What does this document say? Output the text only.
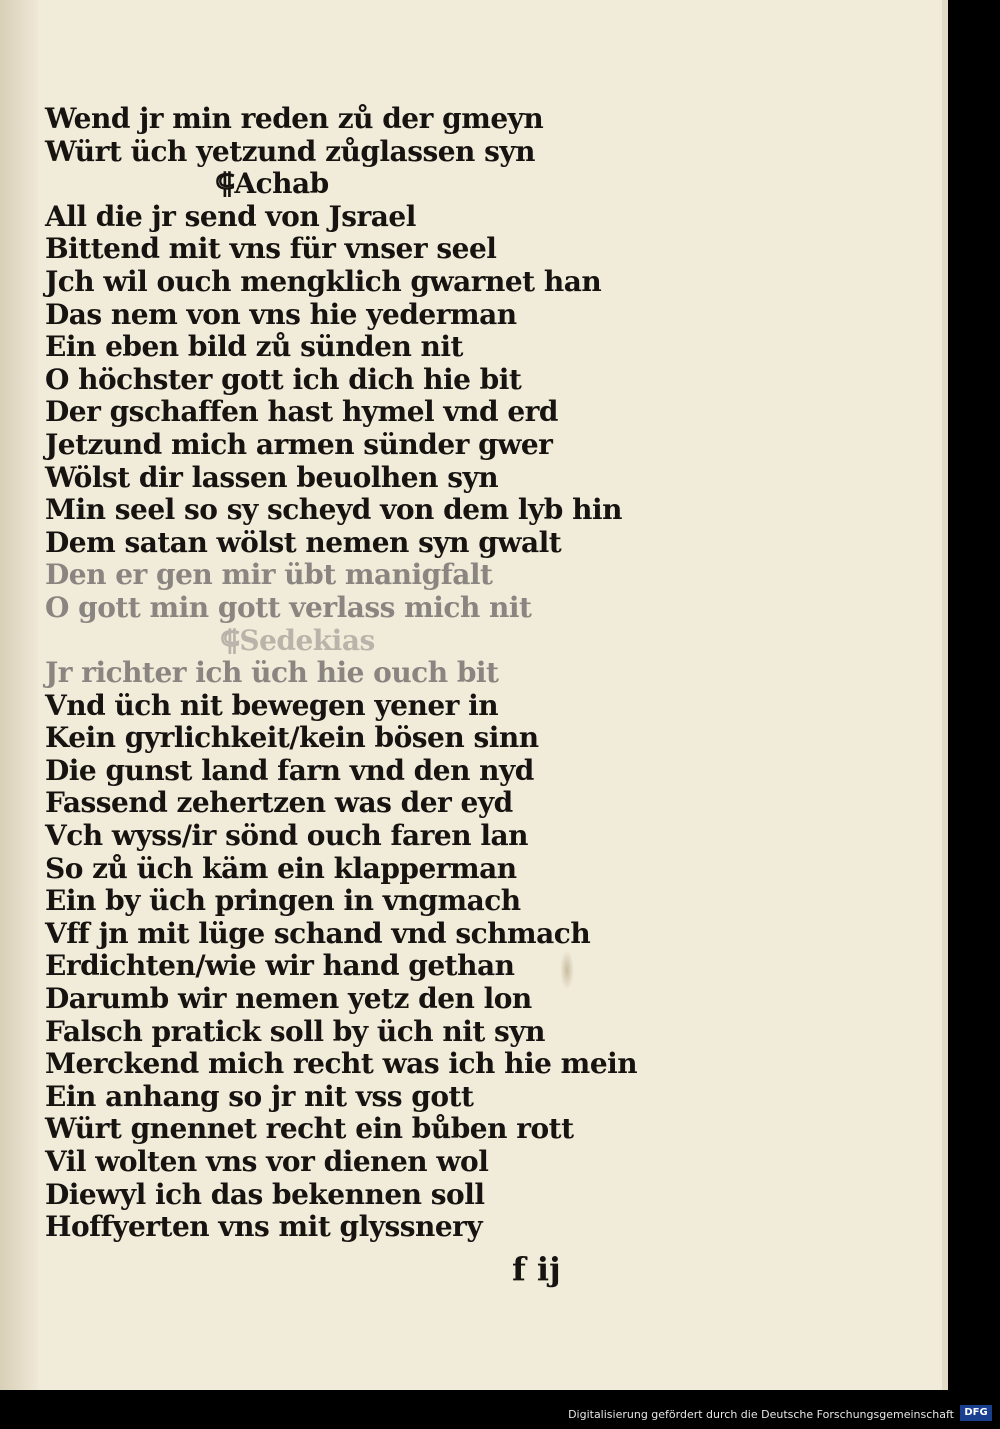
Wend jr min reden zů der gmeyn
Würt üch yetzund zůglassen syn
⸿Achab
All die jr send von Jsrael
Bittend mit vns für vnser seel
Jch wil ouch mengklich gwarnet han
Das nem von vns hie yederman
Ein eben bild zů sünden nit
O höchster gott ich dich hie bit
Der gschaffen hast hymel vnd erd
Jetzund mich armen sünder gwer
Wölst dir lassen beuolhen syn
Min seel so sy scheyd von dem lyb hin
Dem satan wölst nemen syn gwalt
Den er gen mir übt manigfalt
O gott min gott verlass mich nit
⸿Sedekias
Jr richter ich üch hie ouch bit
Vnd üch nit bewegen yener in
Kein gyrlichkeit/kein bösen sinn
Die gunst land farn vnd den nyd
Fassend zehertzen was der eyd
Vch wyss/ir sönd ouch faren lan
So zů üch käm ein klapperman
Ein by üch pringen in vngmach
Vff jn mit lüge schand vnd schmach
Erdichten/wie wir hand gethan
Darumb wir nemen yetz den lon
Falsch pratick soll by üch nit syn
Merckend mich recht was ich hie mein
Ein anhang so jr nit vss gott
Würt gnennet recht ein bůben rott
Vil wolten vns vor dienen wol
Diewyl ich das bekennen soll
Hoffyerten vns mit glyssnery
f ij
Digitalisierung gefördert durch die Deutsche Forschungsgemeinschaft	DFG
